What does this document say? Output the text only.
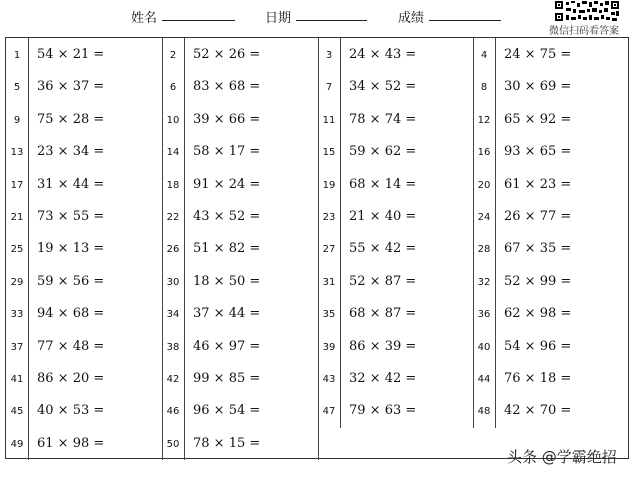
姓名	日期	成绩
微信扫码看答案
1	54 × 21 =	2	52 × 26 =	3	24 × 43 =	4	24 × 75 =
5	36 × 37 =	6	83 × 68 =	7	34 × 52 =	8	30 × 69 =
9	75 × 28 =	10 39 × 66 =	11 78 × 74 =	12 65 × 92 =
13 23 × 34 =	14 58 × 17 =	15 59 × 62 =	16 93 × 65 =
17 31 × 44 =	18 91 × 24 =	19 68 × 14 =	20 61 × 23 =
21 73 × 55 =	22 43 × 52 =	23 21 × 40 =	24 26 × 77 =
25 19 × 13 =	26 51 × 82 =	27 55 × 42 =	28 67 × 35 =
29 59 × 56 =	30 18 × 50 =	31 52 × 87 =	32 52 × 99 =
33 94 × 68 =	34 37 × 44 =	35 68 × 87 =	36 62 × 98 =
37 77 × 48 =	38 46 × 97 =	39 86 × 39 =	40 54 × 96 =
41 86 × 20 =	42 99 × 85 =	43 32 × 42 =	44 76 × 18 =
45 40 × 53 =	46 96 × 54 =	47 79 × 63 =	48 42 × 70 =
49 61 × 98 =	50 78 × 15 =
头条 @学霸绝招
